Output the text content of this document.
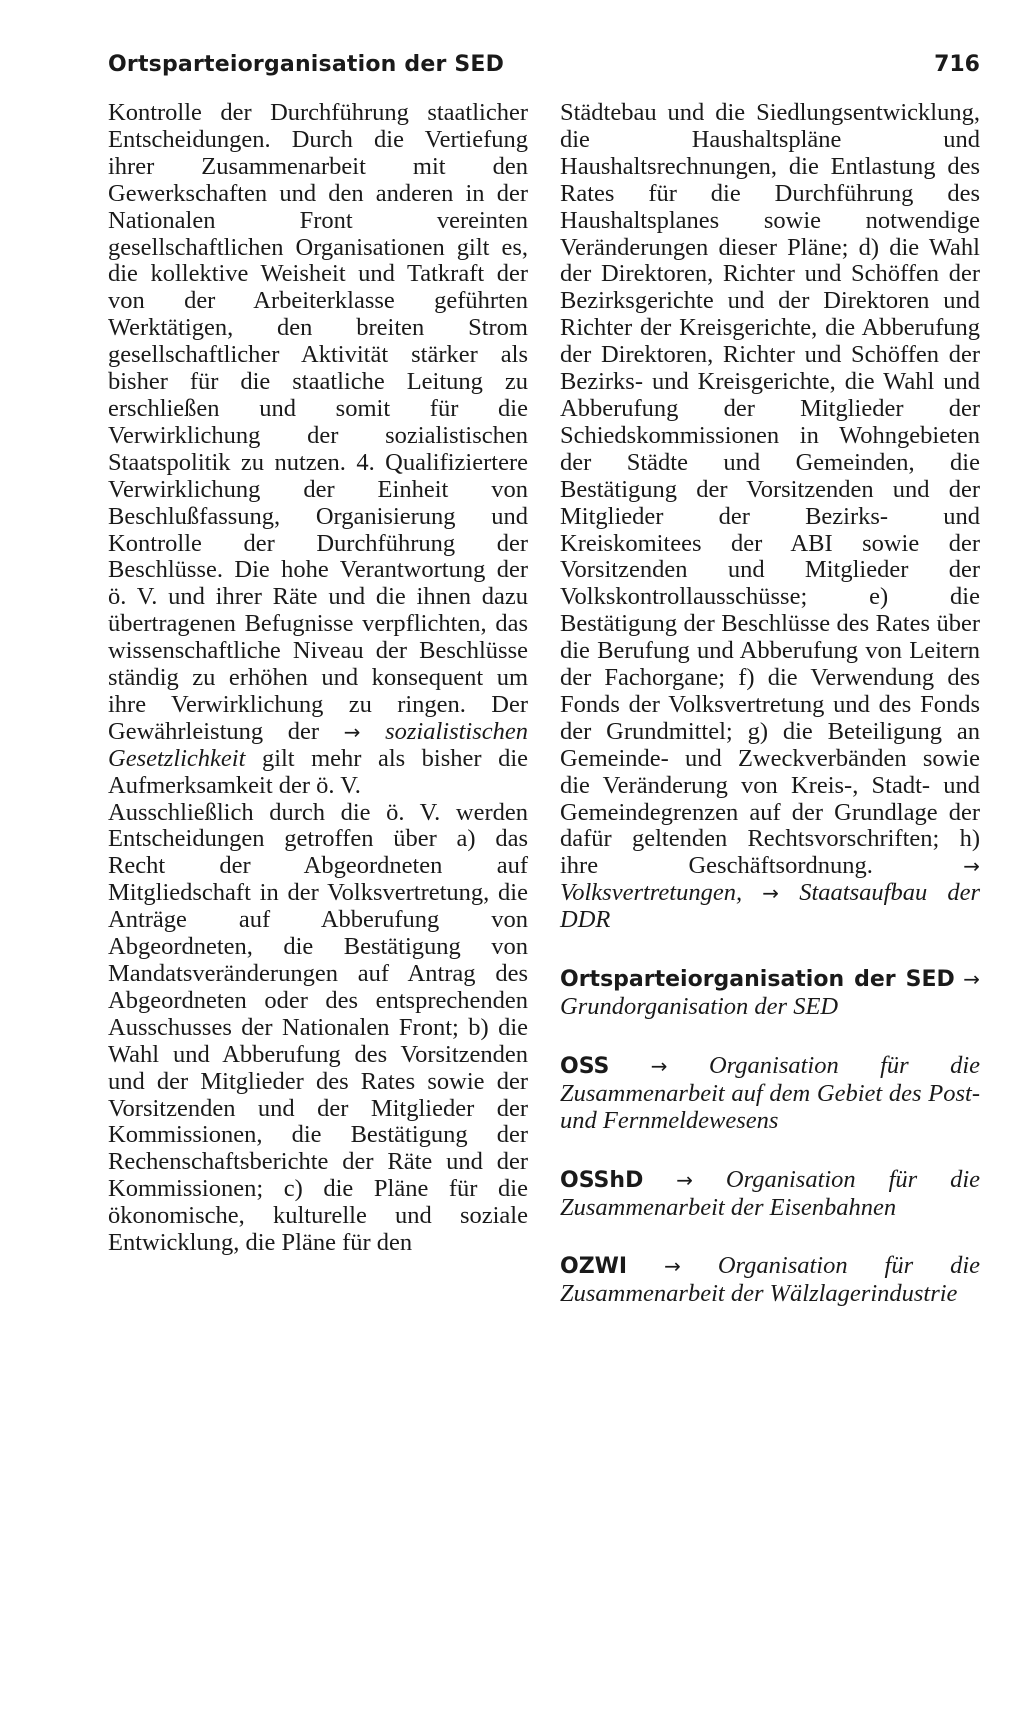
Ortsparteiorganisation der SED	716

Kontrolle der Durchführung staatlicher Entscheidungen. Durch die Vertiefung ihrer Zusammenarbeit mit den Gewerkschaften und den anderen in der Nationalen Front vereinten gesellschaftlichen Organisationen gilt es, die kollektive Weisheit und Tatkraft der von der Arbeiterklasse geführten Werktätigen, den breiten Strom gesellschaftlicher Aktivität stärker als bisher für die staatliche Leitung zu erschließen und somit für die Verwirklichung der sozialistischen Staatspolitik zu nutzen. 4. Qualifiziertere Verwirklichung der Einheit von Beschlußfassung, Organisierung und Kontrolle der Durchführung der Beschlüsse. Die hohe Verantwortung der ö. V. und ihrer Räte und die ihnen dazu übertragenen Befugnisse verpflichten, das wissenschaftliche Niveau der Beschlüsse ständig zu erhöhen und konsequent um ihre Verwirklichung zu ringen. Der Gewährleistung der → sozialistischen Gesetzlichkeit gilt mehr als bisher die Aufmerksamkeit der ö. V.

Ausschließlich durch die ö. V. werden Entscheidungen getroffen über a) das Recht der Abgeordneten auf Mitgliedschaft in der Volksvertretung, die Anträge auf Abberufung von Abgeordneten, die Bestätigung von Mandatsveränderungen auf Antrag des Abgeordneten oder des entsprechenden Ausschusses der Nationalen Front; b) die Wahl und Abberufung des Vorsitzenden und der Mitglieder des Rates sowie der Vorsitzenden und der Mitglieder der Kommissionen, die Bestätigung der Rechenschaftsberichte der Räte und der Kommissionen; c) die Pläne für die ökonomische, kulturelle und soziale Entwicklung, die Pläne für den

Städtebau und die Siedlungsentwicklung, die Haushaltspläne und Haushaltsrechnungen, die Entlastung des Rates für die Durchführung des Haushaltsplanes sowie notwendige Veränderungen dieser Pläne; d) die Wahl der Direktoren, Richter und Schöffen der Bezirksgerichte und der Direktoren und Richter der Kreisgerichte, die Abberufung der Direktoren, Richter und Schöffen der Bezirks- und Kreisgerichte, die Wahl und Abberufung der Mitglieder der Schiedskommissionen in Wohngebieten der Städte und Gemeinden, die Bestätigung der Vorsitzenden und der Mitglieder der Bezirks- und Kreiskomitees der ABI sowie der Vorsitzenden und Mitglieder der Volkskontrollausschüsse; e) die Bestätigung der Beschlüsse des Rates über die Berufung und Abberufung von Leitern der Fachorgane; f) die Verwendung des Fonds der Volksvertretung und des Fonds der Grundmittel; g) die Beteiligung an Gemeinde- und Zweckverbänden sowie die Veränderung von Kreis-, Stadt- und Gemeindegrenzen auf der Grundlage der dafür geltenden Rechtsvorschriften; h) ihre Geschäftsordnung.	→ Volksvertretungen, → Staatsaufbau der DDR

Ortsparteiorganisation der SED → Grundorganisation der SED

OSS → Organisation für die Zusammenarbeit auf dem Gebiet des Post- und Fernmeldewesens

OSShD → Organisation für die Zusammenarbeit der Eisenbahnen

OZWI → Organisation für die Zusammenarbeit der Wälzlagerindustrie
